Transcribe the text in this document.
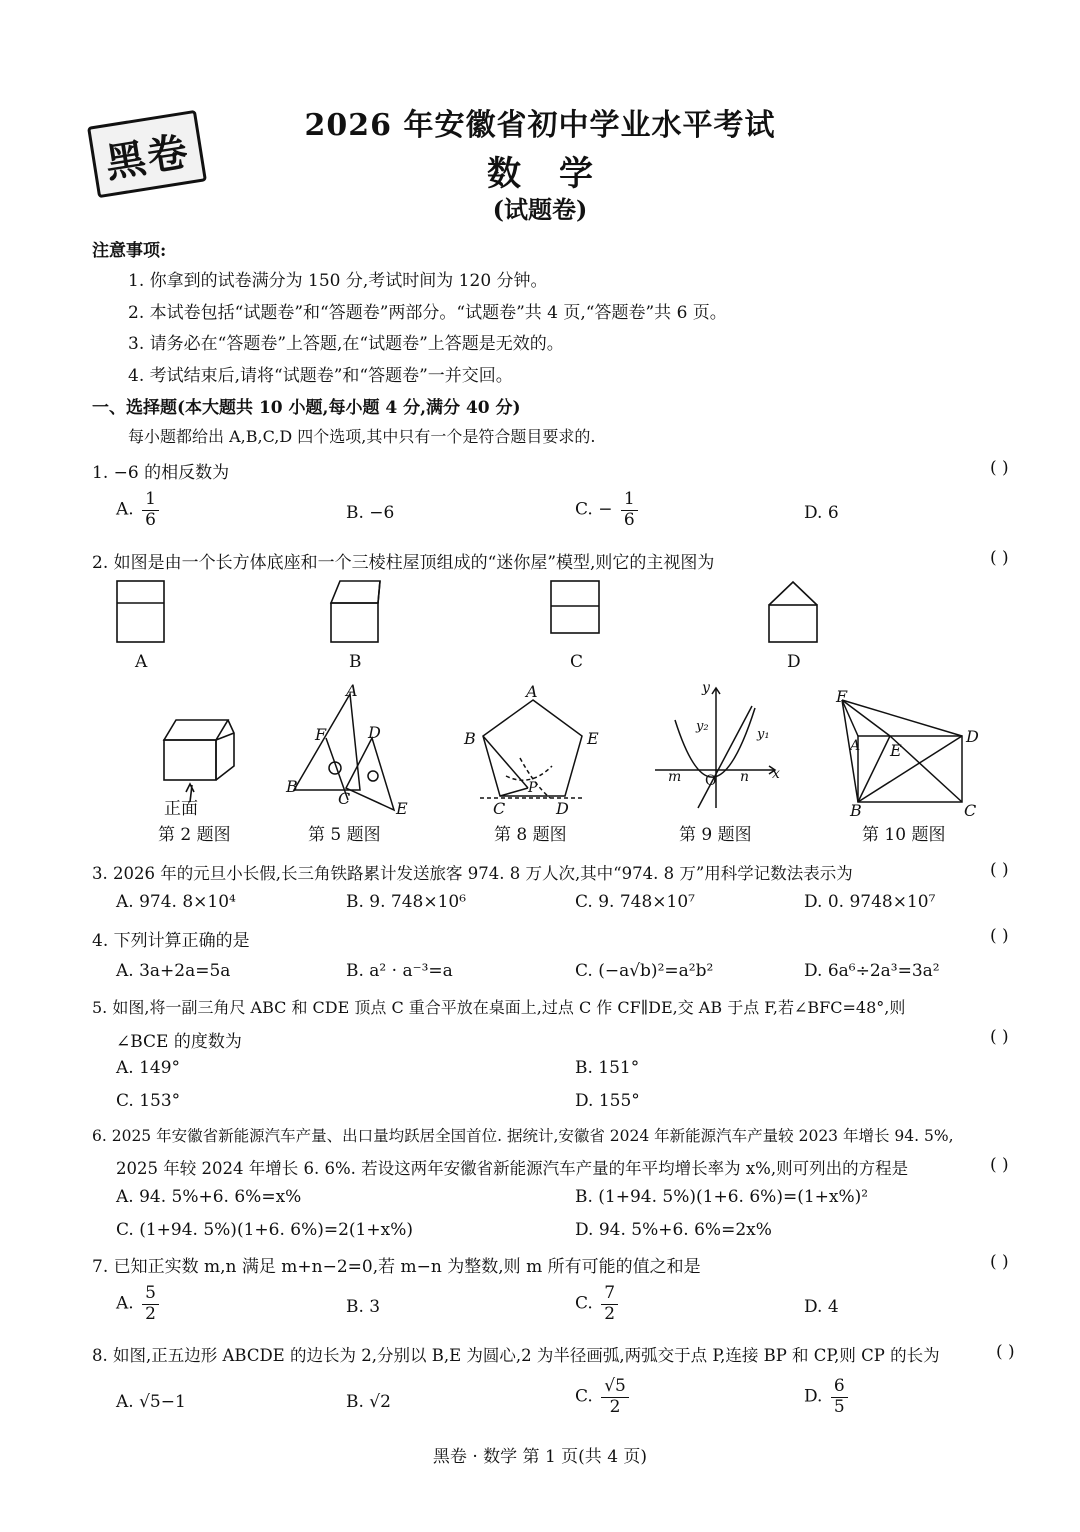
黑卷
2026 年安徽省初中学业水平考试
数学
(试题卷)
注意事项:
1. 你拿到的试卷满分为 150 分,考试时间为 120 分钟。
2. 本试卷包括“试题卷”和“答题卷”两部分。“试题卷”共 4 页,“答题卷”共 6 页。
3. 请务必在“答题卷”上答题,在“试题卷”上答题是无效的。
4. 考试结束后,请将“试题卷”和“答题卷”一并交回。
一、选择题(本大题共 10 小题,每小题 4 分,满分 40 分)
每小题都给出 A,B,C,D 四个选项,其中只有一个是符合题目要求的.
1. −6 的相反数为	( )
A. $\frac{1}{6}$	B. −6	C. − $\frac{1}{6}$	D. 6
2. 如图是由一个长方体底座和一个三棱柱屋顶组成的“迷你屋”模型,则它的主视图为	( )
A	B	C	D
A
F	D
B
C
E
A
B	E
C	D
P
y
y₂
y₁
m O n x
F
A E
D
B	C
正面
第 2 题图	第 5 题图	第 8 题图	第 9 题图	第 10 题图
3. 2026 年的元旦小长假,长三角铁路累计发送旅客 974. 8 万人次,其中“974. 8 万”用科学记数法表示为	( )
A. 974. 8×10⁴	B. 9. 748×10⁶	C. 9. 748×10⁷	D. 0. 9748×10⁷
4. 下列计算正确的是	( )
A. 3a+2a=5a	B. a² · a⁻³=a	C. (−a√b)²=a²b²	D. 6a⁶÷2a³=3a²
5. 如图,将一副三角尺 ABC 和 CDE 顶点 C 重合平放在桌面上,过点 C 作 CF∥DE,交 AB 于点 F,若∠BFC=48°,则
∠BCE 的度数为	( )
A. 149°	B. 151°
C. 153°	D. 155°
6. 2025 年安徽省新能源汽车产量、出口量均跃居全国首位. 据统计,安徽省 2024 年新能源汽车产量较 2023 年增长 94. 5%,
2025 年较 2024 年增长 6. 6%. 若设这两年安徽省新能源汽车产量的年平均增长率为 x%,则可列出的方程是	( )
A. 94. 5%+6. 6%=x%	B. (1+94. 5%)(1+6. 6%)=(1+x%)²
C. (1+94. 5%)(1+6. 6%)=2(1+x%)	D. 94. 5%+6. 6%=2x%
7. 已知正实数 m,n 满足 m+n−2=0,若 m−n 为整数,则 m 所有可能的值之和是	( )
A. $\frac{5}{2}$	B. 3	C. $\frac{7}{2}$	D. 4
8. 如图,正五边形 ABCDE 的边长为 2,分别以 B,E 为圆心,2 为半径画弧,两弧交于点 P,连接 BP 和 CP,则 CP 的长为	( )
A. √5−1	B. √2	C. $\frac{√5}{2}$	D. $\frac{6}{5}$
黑卷 · 数学 第 1 页(共 4 页)
